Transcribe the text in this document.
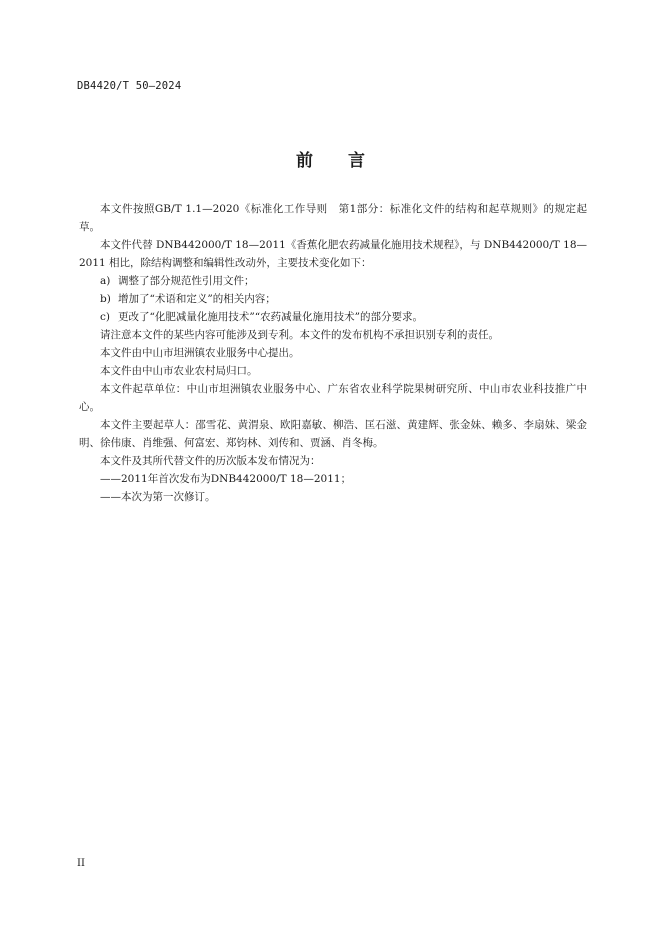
DB4420/T 50—2024
前 言

本文件按照GB/T 1.1—2020《标准化工作导则　第1部分：标准化文件的结构和起草规则》的规定起草。

本文件代替 DNB442000/T 18—2011《香蕉化肥农药减量化施用技术规程》，与 DNB442000/T 18—2011 相比，除结构调整和编辑性改动外，主要技术变化如下：

a) 调整了部分规范性引用文件；

b) 增加了“术语和定义”的相关内容；

c) 更改了“化肥减量化施用技术”“农药减量化施用技术”的部分要求。

请注意本文件的某些内容可能涉及到专利。本文件的发布机构不承担识别专利的责任。

本文件由中山市坦洲镇农业服务中心提出。

本文件由中山市农业农村局归口。

本文件起草单位：中山市坦洲镇农业服务中心、广东省农业科学院果树研究所、中山市农业科技推广中心。

本文件主要起草人：邵雪花、黄渭泉、欧阳嘉敏、柳浩、匡石滋、黄建辉、张金妹、赖多、李扇妹、梁金明、徐伟康、肖维强、何富宏、郑钧林、刘传和、贾涵、肖冬梅。

本文件及其所代替文件的历次版本发布情况为：

——2011年首次发布为DNB442000/T 18—2011；

——本次为第一次修订。

II
